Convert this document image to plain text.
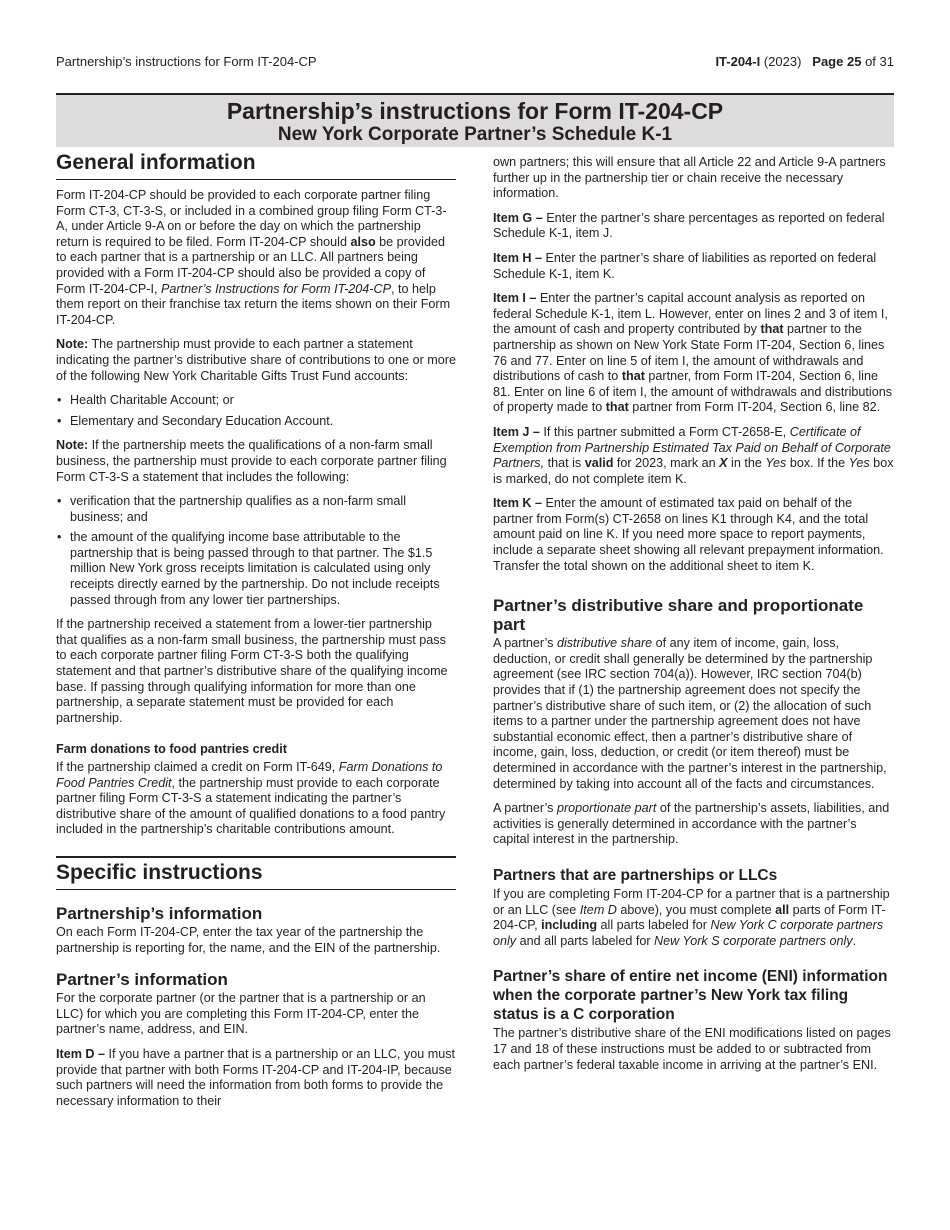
Partnership’s instructions for Form IT-204-CP	IT-204-I (2023) Page 25 of 31
Partnership’s instructions for Form IT-204-CP
New York Corporate Partner’s Schedule K-1
General information

Form IT-204-CP should be provided to each corporate partner filing Form CT-3, CT-3-S, or included in a combined group filing Form CT-3-A, under Article 9-A on or before the day on which the partnership return is required to be filed. Form IT-204-CP should also be provided to each partner that is a partnership or an LLC. All partners being provided with a Form IT-204-CP should also be provided a copy of Form IT-204-CP-I, Partner’s Instructions for Form IT-204-CP, to help them report on their franchise tax return the items shown on their Form IT-204-CP.

Note: The partnership must provide to each partner a statement indicating the partner’s distributive share of contributions to one or more of the following New York Charitable Gifts Trust Fund accounts:

• Health Charitable Account; or
• Elementary and Secondary Education Account.

Note: If the partnership meets the qualifications of a non-farm small business, the partnership must provide to each corporate partner filing Form CT-3-S a statement that includes the following:

• verification that the partnership qualifies as a non-farm small business; and
• the amount of the qualifying income base attributable to the partnership that is being passed through to that partner. The $1.5 million New York gross receipts limitation is calculated using only receipts directly earned by the partnership. Do not include receipts passed through from any lower tier partnerships.

If the partnership received a statement from a lower-tier partnership that qualifies as a non-farm small business, the partnership must pass to each corporate partner filing Form CT-3-S both the qualifying statement and that partner’s distributive share of the qualifying income base. If passing through qualifying information for more than one partnership, a separate statement must be provided for each partnership.

Farm donations to food pantries credit

If the partnership claimed a credit on Form IT-649, Farm Donations to Food Pantries Credit, the partnership must provide to each corporate partner filing Form CT-3-S a statement indicating the partner’s distributive share of the amount of qualified donations to a food pantry included in the partnership’s charitable contributions amount.

Specific instructions
Partnership’s information

On each Form IT-204-CP, enter the tax year of the partnership the partnership is reporting for, the name, and the EIN of the partnership.

Partner’s information

For the corporate partner (or the partner that is a partnership or an LLC) for which you are completing this Form IT-204-CP, enter the partner’s name, address, and EIN.

Item D – If you have a partner that is a partnership or an LLC, you must provide that partner with both Forms IT-204-CP and IT-204-IP, because such partners will need the information from both forms to provide the necessary information to their

own partners; this will ensure that all Article 22 and Article 9-A partners further up in the partnership tier or chain receive the necessary information.

Item G – Enter the partner’s share percentages as reported on federal Schedule K-1, item J.

Item H – Enter the partner’s share of liabilities as reported on federal Schedule K-1, item K.

Item I – Enter the partner’s capital account analysis as reported on federal Schedule K-1, item L. However, enter on lines 2 and 3 of item I, the amount of cash and property contributed by that partner to the partnership as shown on New York State Form IT-204, Section 6, lines 76 and 77. Enter on line 5 of item I, the amount of withdrawals and distributions of cash to that partner, from Form IT-204, Section 6, line 81. Enter on line 6 of item I, the amount of withdrawals and distributions of property made to that partner from Form IT-204, Section 6, line 82.

Item J – If this partner submitted a Form CT-2658-E, Certificate of Exemption from Partnership Estimated Tax Paid on Behalf of Corporate Partners, that is valid for 2023, mark an X in the Yes box. If the Yes box is marked, do not complete item K.

Item K – Enter the amount of estimated tax paid on behalf of the partner from Form(s) CT-2658 on lines K1 through K4, and the total amount paid on line K. If you need more space to report payments, include a separate sheet showing all relevant prepayment information. Transfer the total shown on the additional sheet to item K.

Partner’s distributive share and proportionate part

A partner’s distributive share of any item of income, gain, loss, deduction, or credit shall generally be determined by the partnership agreement (see IRC section 704(a)). However, IRC section 704(b) provides that if (1) the partnership agreement does not specify the partner’s distributive share of such item, or (2) the allocation of such items to a partner under the partnership agreement does not have substantial economic effect, then a partner’s distributive share of income, gain, loss, deduction, or credit (or item thereof) must be determined in accordance with the partner’s interest in the partnership, determined by taking into account all of the facts and circumstances.

A partner’s proportionate part of the partnership’s assets, liabilities, and activities is generally determined in accordance with the partner’s capital interest in the partnership.

Partners that are partnerships or LLCs

If you are completing Form IT-204-CP for a partner that is a partnership or an LLC (see Item D above), you must complete all parts of Form IT-204-CP, including all parts labeled for New York C corporate partners only and all parts labeled for New York S corporate partners only.

Partner’s share of entire net income (ENI) information when the corporate partner’s New York tax filing status is a C corporation

The partner’s distributive share of the ENI modifications listed on pages 17 and 18 of these instructions must be added to or subtracted from each partner’s federal taxable income in arriving at the partner’s ENI.
